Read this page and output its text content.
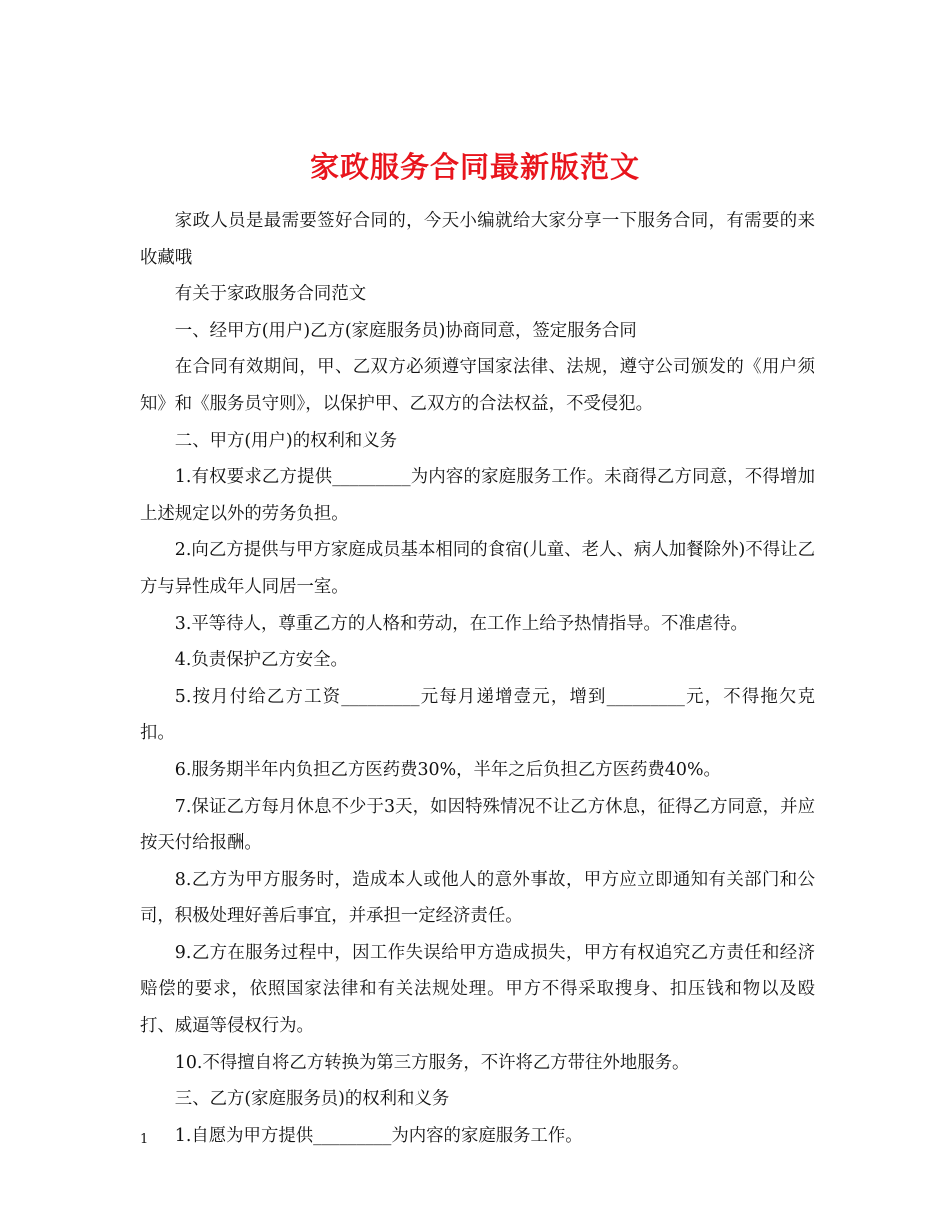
家政服务合同最新版范文

家政人员是最需要签好合同的，今天小编就给大家分享一下服务合同，有需要的来收藏哦

有关于家政服务合同范文

一、经甲方(用户)乙方(家庭服务员)协商同意，签定服务合同

在合同有效期间，甲、乙双方必须遵守国家法律、法规，遵守公司颁发的《用户须知》和《服务员守则》，以保护甲、乙双方的合法权益，不受侵犯。

二、甲方(用户)的权利和义务

1.有权要求乙方提供_________为内容的家庭服务工作。未商得乙方同意，不得增加上述规定以外的劳务负担。

2.向乙方提供与甲方家庭成员基本相同的食宿(儿童、老人、病人加餐除外)不得让乙方与异性成年人同居一室。

3.平等待人，尊重乙方的人格和劳动，在工作上给予热情指导。不准虐待。

4.负责保护乙方安全。

5.按月付给乙方工资_________元每月递增壹元，增到_________元，不得拖欠克扣。

6.服务期半年内负担乙方医药费30%，半年之后负担乙方医药费40%。

7.保证乙方每月休息不少于3天，如因特殊情况不让乙方休息，征得乙方同意，并应按天付给报酬。

8.乙方为甲方服务时，造成本人或他人的意外事故，甲方应立即通知有关部门和公司，积极处理好善后事宜，并承担一定经济责任。

9.乙方在服务过程中，因工作失误给甲方造成损失，甲方有权追究乙方责任和经济赔偿的要求，依照国家法律和有关法规处理。甲方不得采取搜身、扣压钱和物以及殴打、威逼等侵权行为。

10.不得擅自将乙方转换为第三方服务，不许将乙方带往外地服务。

三、乙方(家庭服务员)的权利和义务

1.自愿为甲方提供_________为内容的家庭服务工作。

1
